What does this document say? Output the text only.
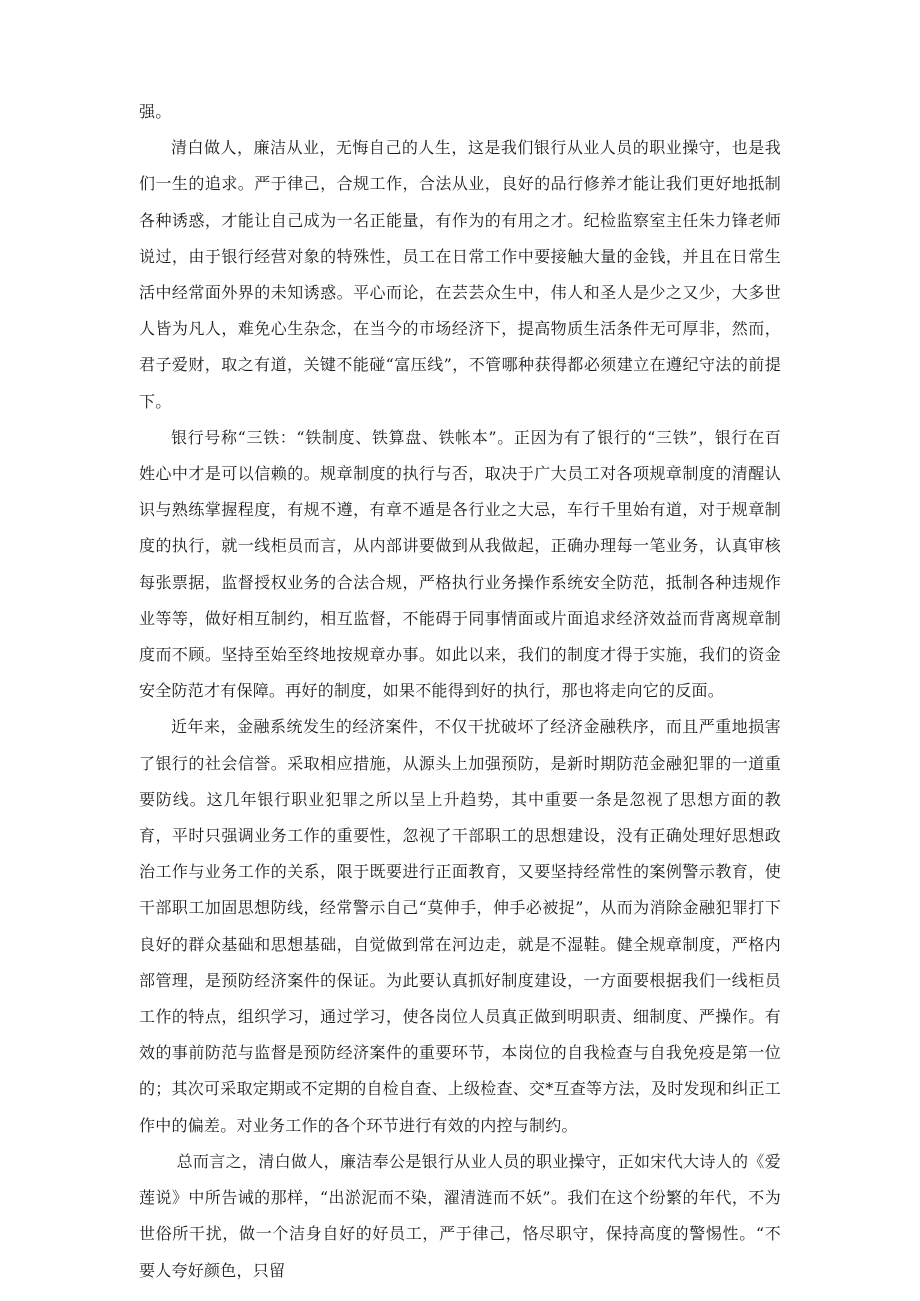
强。

清白做人，廉洁从业，无悔自己的人生，这是我们银行从业人员的职业操守，也是我们一生的追求。严于律己，合规工作，合法从业，良好的品行修养才能让我们更好地抵制各种诱惑，才能让自己成为一名正能量，有作为的有用之才。纪检监察室主任朱力锋老师说过，由于银行经营对象的特殊性，员工在日常工作中要接触大量的金钱，并且在日常生活中经常面外界的未知诱惑。平心而论，在芸芸众生中，伟人和圣人是少之又少，大多世人皆为凡人，难免心生杂念，在当今的市场经济下，提高物质生活条件无可厚非，然而，君子爱财，取之有道，关键不能碰“富压线”，不管哪种获得都必须建立在遵纪守法的前提下。

银行号称“三铁：“铁制度、铁算盘、铁帐本”。正因为有了银行的“三铁”，银行在百姓心中才是可以信赖的。规章制度的执行与否，取决于广大员工对各项规章制度的清醒认识与熟练掌握程度，有规不遵，有章不遁是各行业之大忌，车行千里始有道，对于规章制度的执行，就一线柜员而言，从内部讲要做到从我做起，正确办理每一笔业务，认真审核每张票据，监督授权业务的合法合规，严格执行业务操作系统安全防范，抵制各种违规作业等等，做好相互制约，相互监督，不能碍于同事情面或片面追求经济效益而背离规章制度而不顾。坚持至始至终地按规章办事。如此以来，我们的制度才得于实施，我们的资金安全防范才有保障。再好的制度，如果不能得到好的执行，那也将走向它的反面。

近年来，金融系统发生的经济案件，不仅干扰破坏了经济金融秩序，而且严重地损害了银行的社会信誉。采取相应措施，从源头上加强预防，是新时期防范金融犯罪的一道重要防线。这几年银行职业犯罪之所以呈上升趋势，其中重要一条是忽视了思想方面的教育，平时只强调业务工作的重要性，忽视了干部职工的思想建设，没有正确处理好思想政治工作与业务工作的关系，限于既要进行正面教育，又要坚持经常性的案例警示教育，使干部职工加固思想防线，经常警示自己“莫伸手，伸手必被捉”，从而为消除金融犯罪打下良好的群众基础和思想基础，自觉做到常在河边走，就是不湿鞋。健全规章制度，严格内部管理，是预防经济案件的保证。为此要认真抓好制度建设，一方面要根据我们一线柜员工作的特点，组织学习，通过学习，使各岗位人员真正做到明职责、细制度、严操作。有效的事前防范与监督是预防经济案件的重要环节，本岗位的自我检查与自我免疫是第一位的；其次可采取定期或不定期的自检自查、上级检查、交*互查等方法，及时发现和纠正工作中的偏差。对业务工作的各个环节进行有效的内控与制约。

总而言之，清白做人，廉洁奉公是银行从业人员的职业操守，正如宋代大诗人的《爱莲说》中所告诫的那样，“出淤泥而不染，濯清涟而不妖”。我们在这个纷繁的年代，不为世俗所干扰，做一个洁身自好的好员工，严于律己，恪尽职守，保持高度的警惕性。“不要人夸好颜色，只留
